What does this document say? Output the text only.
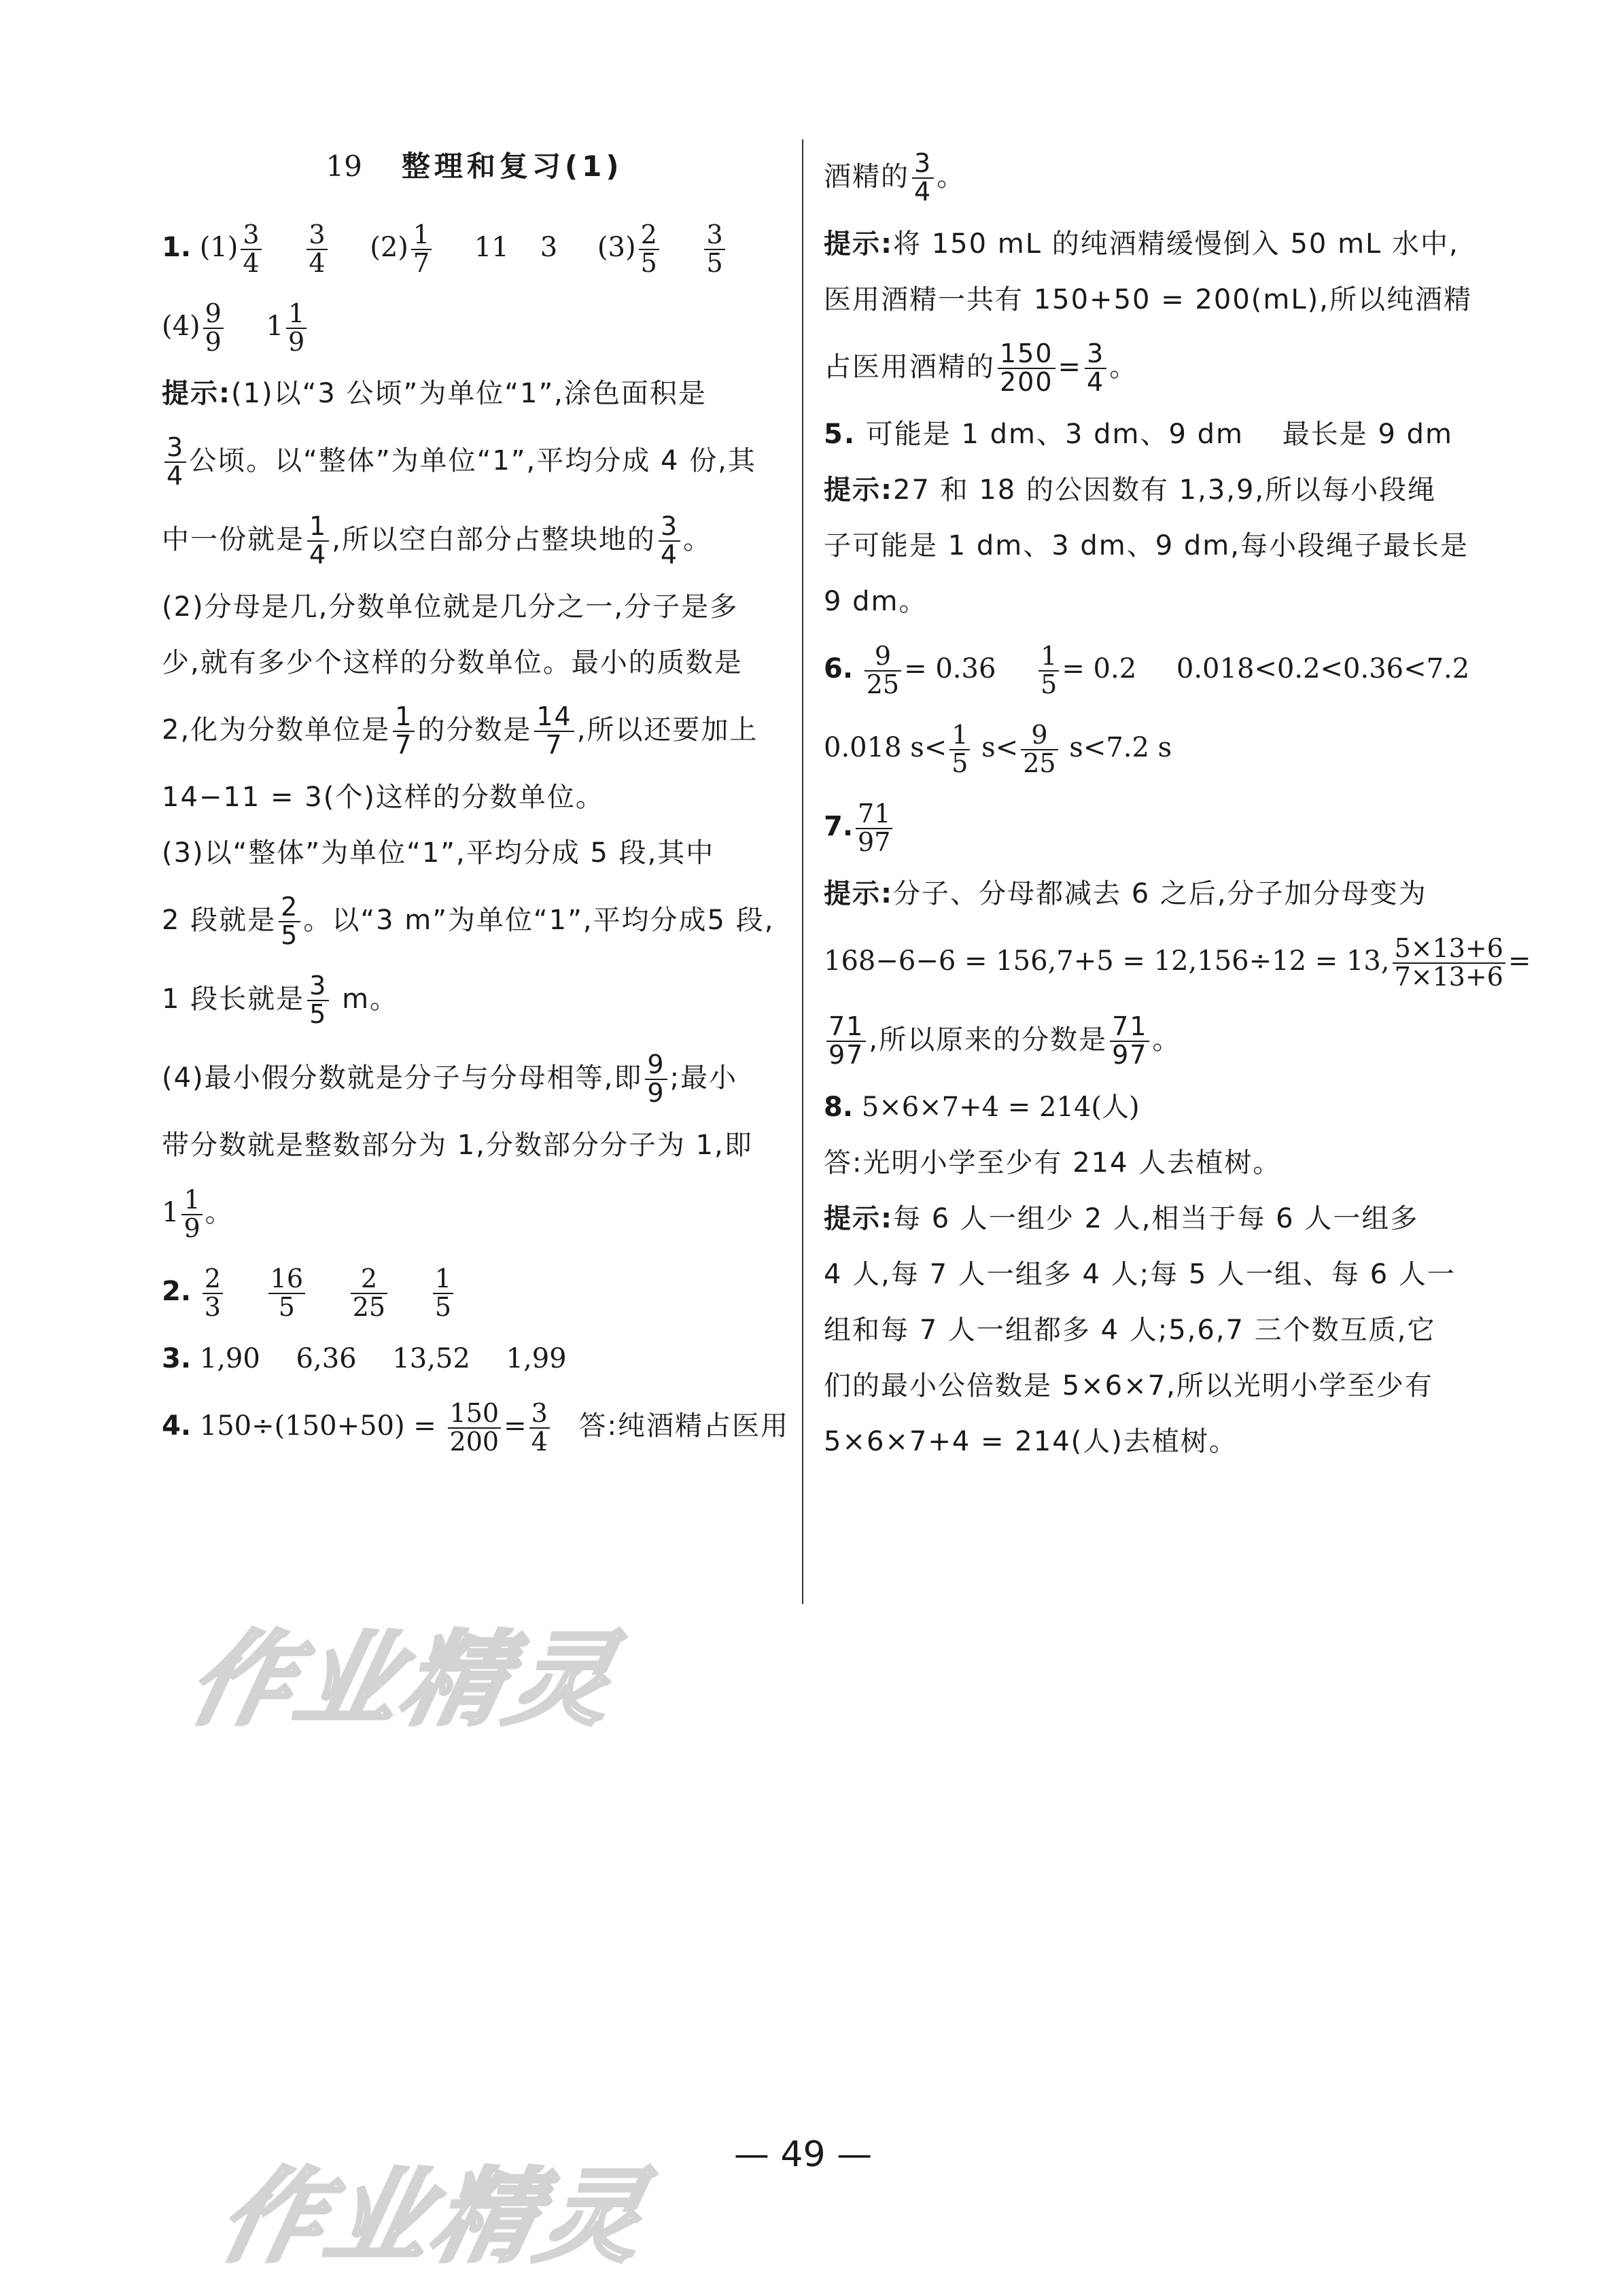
19 整理和复习(1)
1. $(1) \frac{3}{4}$
$\frac{3}{4} (2) \frac{1}{7} 11$ 3 $(3) \frac{2}{5}$
$\frac{3}{5}$
$(4) \frac{9}{9} 1 \frac{1}{9}$
提示:(1)以“3 公顷”为单位“1”,涂色面积是
$\frac{3}{4}$ 公顷。以“整体”为单位“1”,平均分成 4 份,其
中一份就是 $\frac{1}{4}$ ,所以空白部分占整块地的 $\frac{3}{4}$ 。
(2)分母是几,分数单位就是几分之一,分子是多
少,就有多少个这样的分数单位。最小的质数是
2,化为分数单位是 $\frac{1}{7}$ 的分数是 $\frac{14}{7}$ ,所以还要加上
14−11 = 3(个)这样的分数单位。
(3)以“整体”为单位“1”,平均分成 5 段,其中
2 段就是 $\frac{2}{5}$ 。以“3 m”为单位“1”,平均分成5 段,
1 段长就是 $\frac{3}{5}$ m。
(4)最小假分数就是分子与分母相等,即 $\frac{9}{9}$ ;最小
带分数就是整数部分为 1,分数部分分子为 1,即
$1 \frac{1}{9}$ 。
2. $\frac{2}{3}$
$\frac{16}{5}$
$\frac{2}{25}$
$\frac{1}{5}$
3. 1,90　 6,36　 13,52　 1,99
4. $150\div(150+50) = \frac{150}{200} = \frac{3}{4}$ 答:纯酒精占医用
酒精的 $\frac{3}{4}$ 。
提示:将 150 mL 的纯酒精缓慢倒入 50 mL 水中,
医用酒精一共有 150+50 = 200(mL),所以纯酒精
占医用酒精的 $\frac{150}{200} = \frac{3}{4}$ 。
5. 可能是 1 dm、3 dm、9 dm　 最长是 9 dm
提示:27 和 18 的公因数有 1,3,9,所以每小段绳
子可能是 1 dm、3 dm、9 dm,每小段绳子最长是
9 dm。
6. $\frac{9}{25} = 0.36 \frac{1}{5} = 0.2$ 0.018<0.2<0.36<7.2
0.018 $s< \frac{1}{5} s< \frac{9}{25} s<7.2$ s
7. $\frac{71}{97}$
提示:分子、分母都减去 6 之后,分子加分母变为
168−6−6 = 156,7+5 = 12,156÷12 = 13, $\frac{5\times 13+6}{7\times 13+6}$ =
$\frac{71}{97}$ ,所以原来的分数是 $\frac{71}{97}$ 。
8. 5×6×7+4 = 214(人)
答:光明小学至少有 214 人去植树。
提示:每 6 人一组少 2 人,相当于每 6 人一组多
4 人,每 7 人一组多 4 人;每 5 人一组、每 6 人一
组和每 7 人一组都多 4 人;5,6,7 三个数互质,它
们的最小公倍数是 5×6×7,所以光明小学至少有
5×6×7+4 = 214(人)去植树。
作业精灵
作业精灵
— 49 —
